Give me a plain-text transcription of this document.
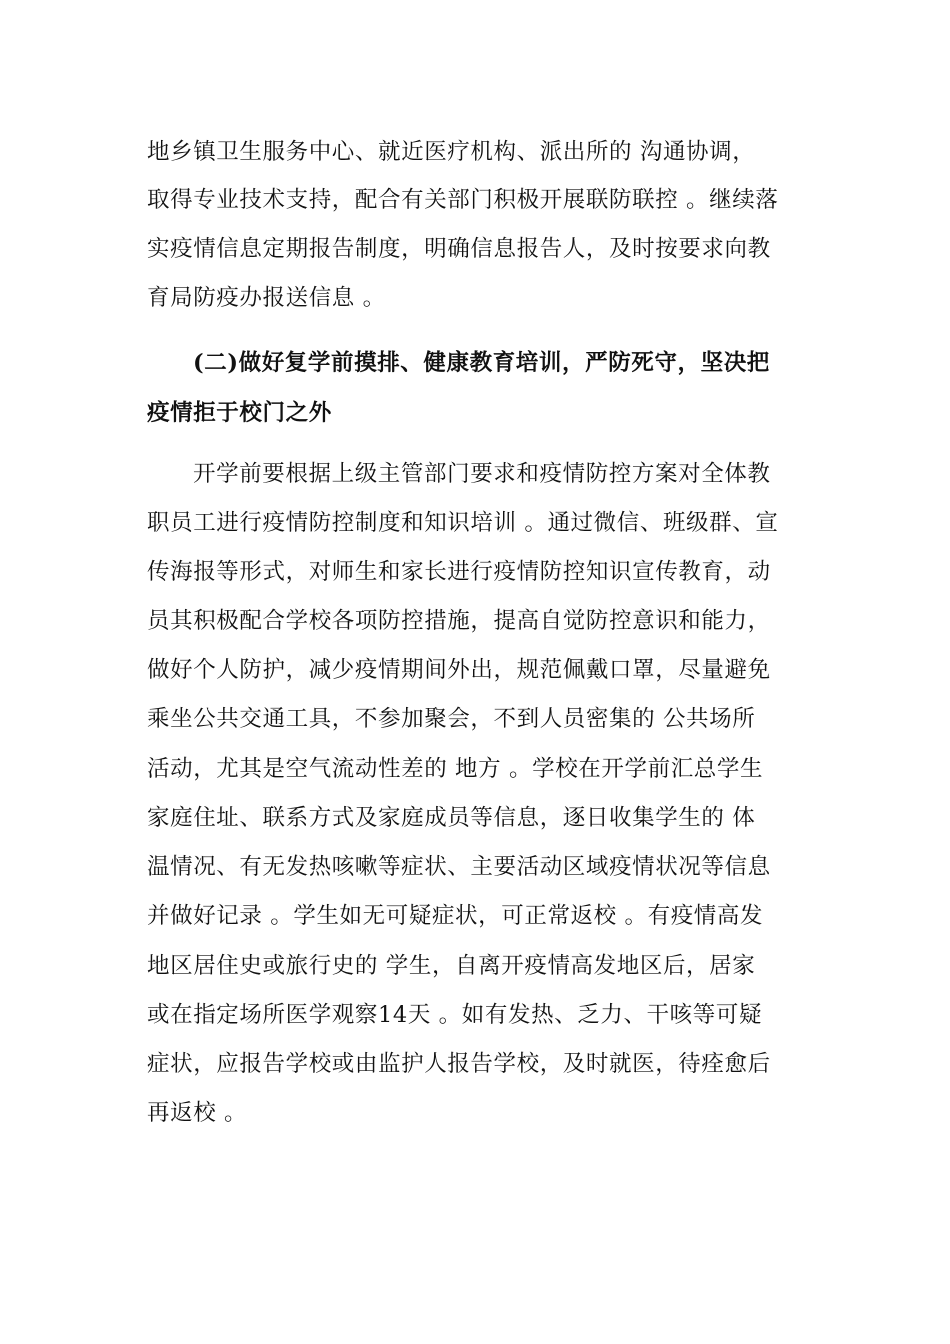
地乡镇卫生服务中心、就近医疗机构、派出所的 沟通协调，
取得专业技术支持，配合有关部门积极开展联防联控 。继续落
实疫情信息定期报告制度，明确信息报告人，及时按要求向教
育局防疫办报送信息 。
(二)做好复学前摸排、健康教育培训，严防死守，坚决把
疫情拒于校门之外
开学前要根据上级主管部门要求和疫情防控方案对全体教
职员工进行疫情防控制度和知识培训 。通过微信、班级群、宣
传海报等形式，对师生和家长进行疫情防控知识宣传教育，动
员其积极配合学校各项防控措施，提高自觉防控意识和能力，
做好个人防护，减少疫情期间外出，规范佩戴口罩，尽量避免
乘坐公共交通工具，不参加聚会，不到人员密集的 公共场所
活动，尤其是空气流动性差的 地方 。学校在开学前汇总学生
家庭住址、联系方式及家庭成员等信息，逐日收集学生的 体
温情况、有无发热咳嗽等症状、主要活动区域疫情状况等信息
并做好记录 。学生如无可疑症状，可正常返校 。有疫情高发
地区居住史或旅行史的 学生，自离开疫情高发地区后，居家
或在指定场所医学观察14天 。如有发热、乏力、干咳等可疑
症状，应报告学校或由监护人报告学校，及时就医，待痊愈后
再返校 。
